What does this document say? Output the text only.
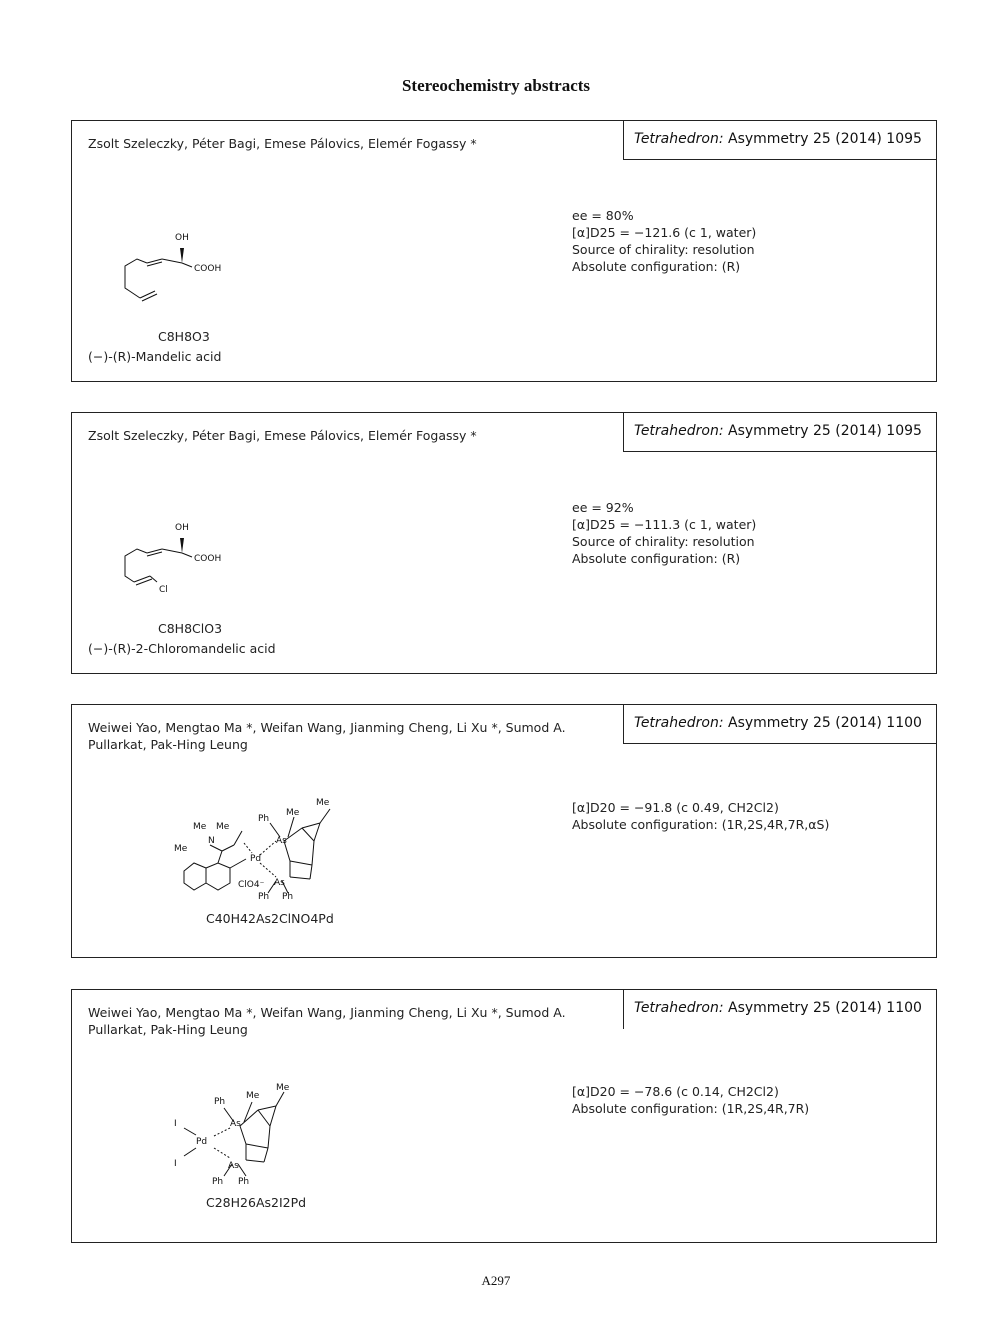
Stereochemistry abstracts
Zsolt Szeleczky, Péter Bagi, Emese Pálovics, Elemér Fogassy *	Tetrahedron: Asymmetry 25 (2014) 1095
OH
COOH
C8H8O3
(−)-(R)-Mandelic acid
ee = 80%
[α]D25 = −121.6 (c 1, water)
Source of chirality: resolution
Absolute configuration: (R)
Zsolt Szeleczky, Péter Bagi, Emese Pálovics, Elemér Fogassy *	Tetrahedron: Asymmetry 25 (2014) 1095
OH
COOH
Cl
C8H8ClO3
(−)-(R)-2-Chloromandelic acid
ee = 92%
[α]D25 = −111.3 (c 1, water)
Source of chirality: resolution
Absolute configuration: (R)
Weiwei Yao, Mengtao Ma *, Weifan Wang, Jianming Cheng, Li Xu *, Sumod A. Pullarkat, Pak-Hing Leung
Tetrahedron: Asymmetry 25 (2014) 1100
Me Me
N
Me
Pd
As
As
Ph
Me
Me
Ph Ph
ClO4⁻
C40H42As2ClNO4Pd
[α]D20 = −91.8 (c 0.49, CH2Cl2)
Absolute configuration: (1R,2S,4R,7R,αS)
Weiwei Yao, Mengtao Ma *, Weifan Wang, Jianming Cheng, Li Xu *, Sumod A. Pullarkat, Pak-Hing Leung
Tetrahedron: Asymmetry 25 (2014) 1100
I
I
Pd
As
As
Ph
Me
Me
Ph Ph
C28H26As2I2Pd
[α]D20 = −78.6 (c 0.14, CH2Cl2)
Absolute configuration: (1R,2S,4R,7R)
A297
